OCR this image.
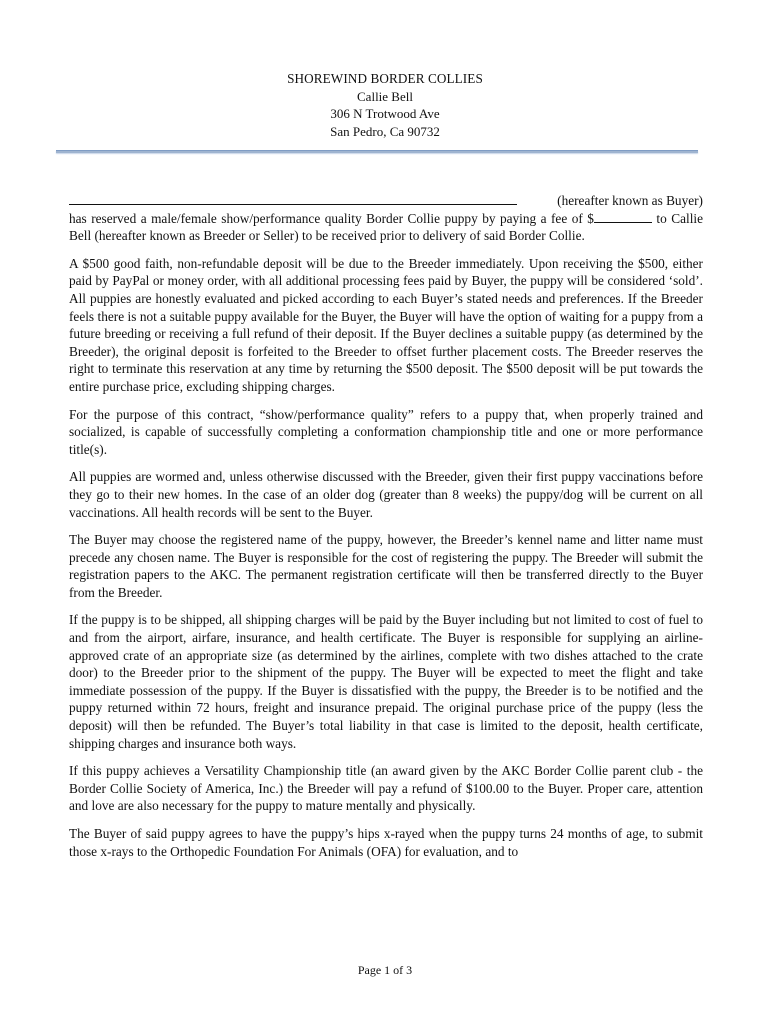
SHOREWIND BORDER COLLIES
Callie Bell
306 N Trotwood Ave
San Pedro, Ca 90732

(hereafter known as Buyer)
has reserved a male/female show/performance quality Border Collie puppy by paying a fee of $	to Callie Bell (hereafter known as Breeder or Seller) to be received prior to delivery of said Border Collie.

A $500 good faith, non-refundable deposit will be due to the Breeder immediately. Upon receiving the $500, either paid by PayPal or money order, with all additional processing fees paid by Buyer, the puppy will be considered ‘sold’. All puppies are honestly evaluated and picked according to each Buyer’s stated needs and preferences. If the Breeder feels there is not a suitable puppy available for the Buyer, the Buyer will have the option of waiting for a puppy from a future breeding or receiving a full refund of their deposit. If the Buyer declines a suitable puppy (as determined by the Breeder), the original deposit is forfeited to the Breeder to offset further placement costs. The Breeder reserves the right to terminate this reservation at any time by returning the $500 deposit. The $500 deposit will be put towards the entire purchase price, excluding shipping charges.

For the purpose of this contract, “show/performance quality” refers to a puppy that, when properly trained and socialized, is capable of successfully completing a conformation championship title and one or more performance title(s).

All puppies are wormed and, unless otherwise discussed with the Breeder, given their first puppy vaccinations before they go to their new homes. In the case of an older dog (greater than 8 weeks) the puppy/dog will be current on all vaccinations. All health records will be sent to the Buyer.

The Buyer may choose the registered name of the puppy, however, the Breeder’s kennel name and litter name must precede any chosen name. The Buyer is responsible for the cost of registering the puppy. The Breeder will submit the registration papers to the AKC. The permanent registration certificate will then be transferred directly to the Buyer from the Breeder.

If the puppy is to be shipped, all shipping charges will be paid by the Buyer including but not limited to cost of fuel to and from the airport, airfare, insurance, and health certificate. The Buyer is responsible for supplying an airline-approved crate of an appropriate size (as determined by the airlines, complete with two dishes attached to the crate door) to the Breeder prior to the shipment of the puppy. The Buyer will be expected to meet the flight and take immediate possession of the puppy. If the Buyer is dissatisfied with the puppy, the Breeder is to be notified and the puppy returned within 72 hours, freight and insurance prepaid. The original purchase price of the puppy (less the deposit) will then be refunded. The Buyer’s total liability in that case is limited to the deposit, health certificate, shipping charges and insurance both ways.

If this puppy achieves a Versatility Championship title (an award given by the AKC Border Collie parent club - the Border Collie Society of America, Inc.) the Breeder will pay a refund of $100.00 to the Buyer. Proper care, attention and love are also necessary for the puppy to mature mentally and physically.

The Buyer of said puppy agrees to have the puppy’s hips x-rayed when the puppy turns 24 months of age, to submit those x-rays to the Orthopedic Foundation For Animals (OFA) for evaluation, and to

Page 1 of 3
